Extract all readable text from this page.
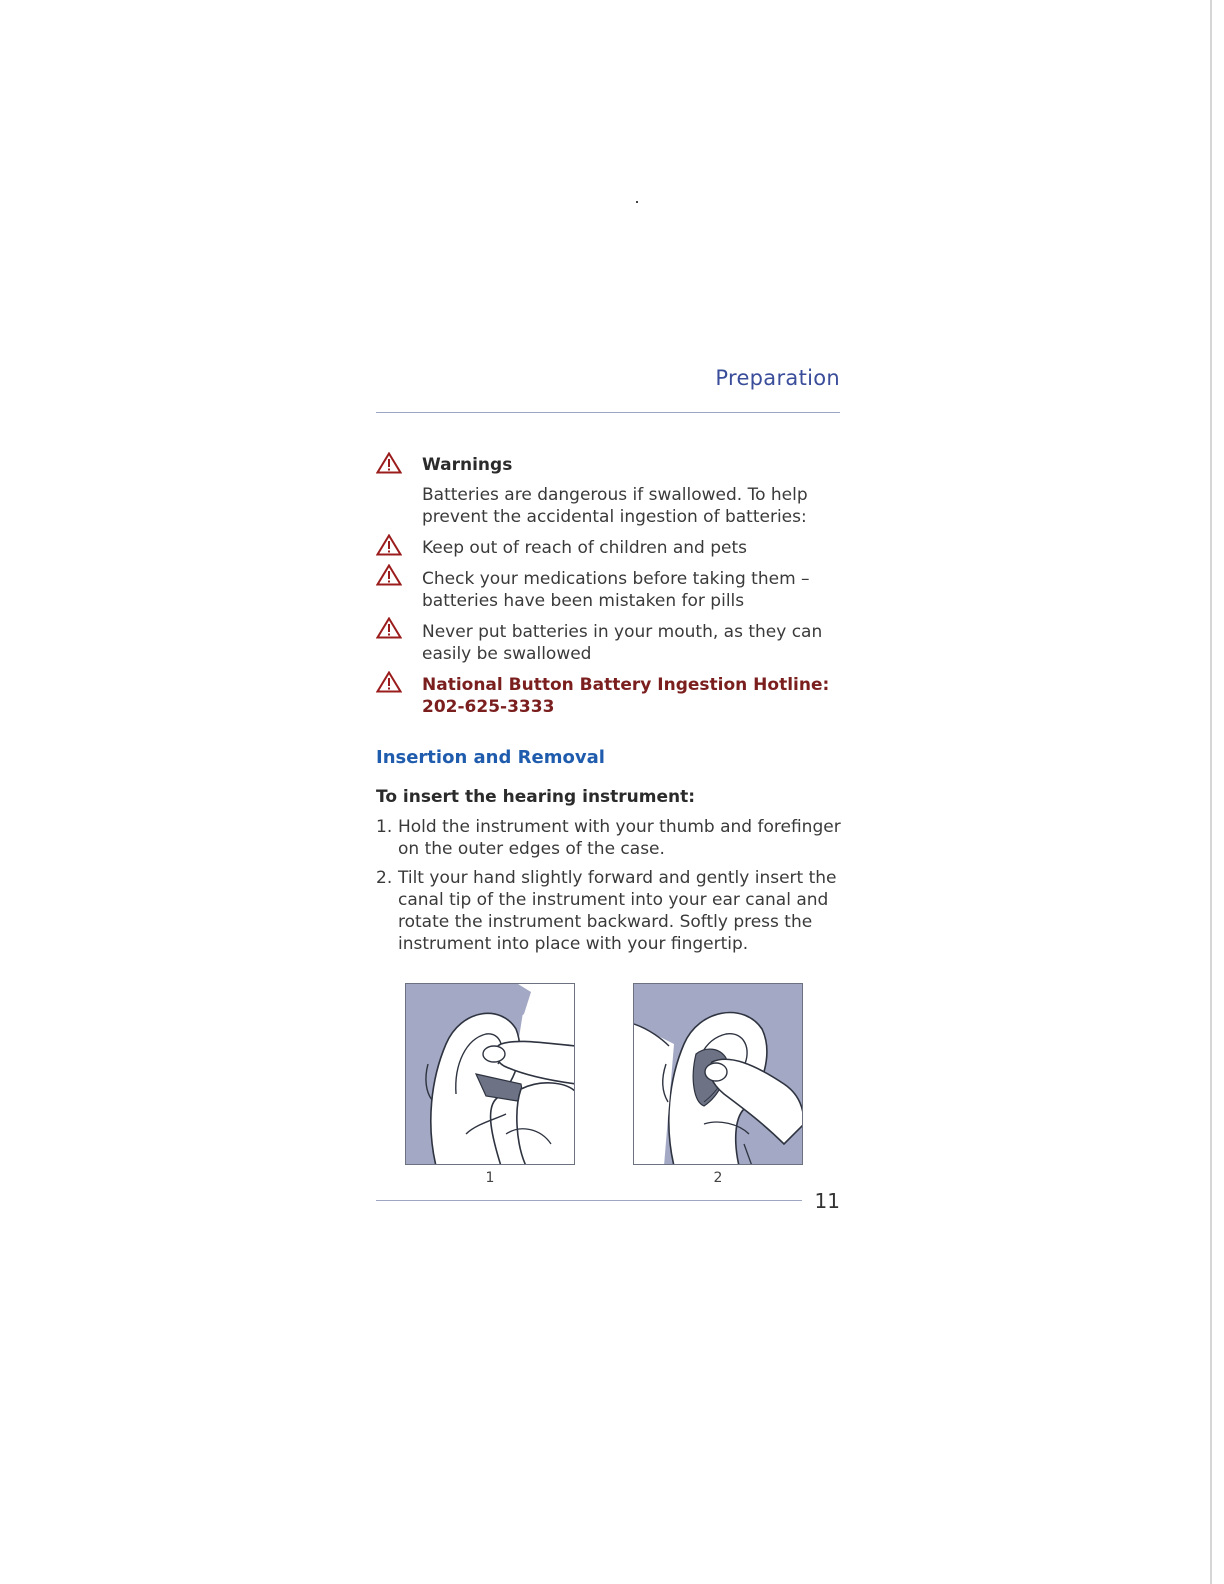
Preparation
Warnings
Batteries are dangerous if swallowed. To help prevent the accidental ingestion of batteries:
Keep out of reach of children and pets
Check your medications before taking them – batteries have been mistaken for pills
Never put batteries in your mouth, as they can easily be swallowed
National Button Battery Ingestion Hotline:
202-625-3333
Insertion and Removal
To insert the hearing instrument:
1. Hold the instrument with your thumb and forefinger on the outer edges of the case.
2. Tilt your hand slightly forward and gently insert the canal tip of the instrument into your ear canal and rotate the instrument backward. Softly press the instrument into place with your fingertip.
1	2
11
